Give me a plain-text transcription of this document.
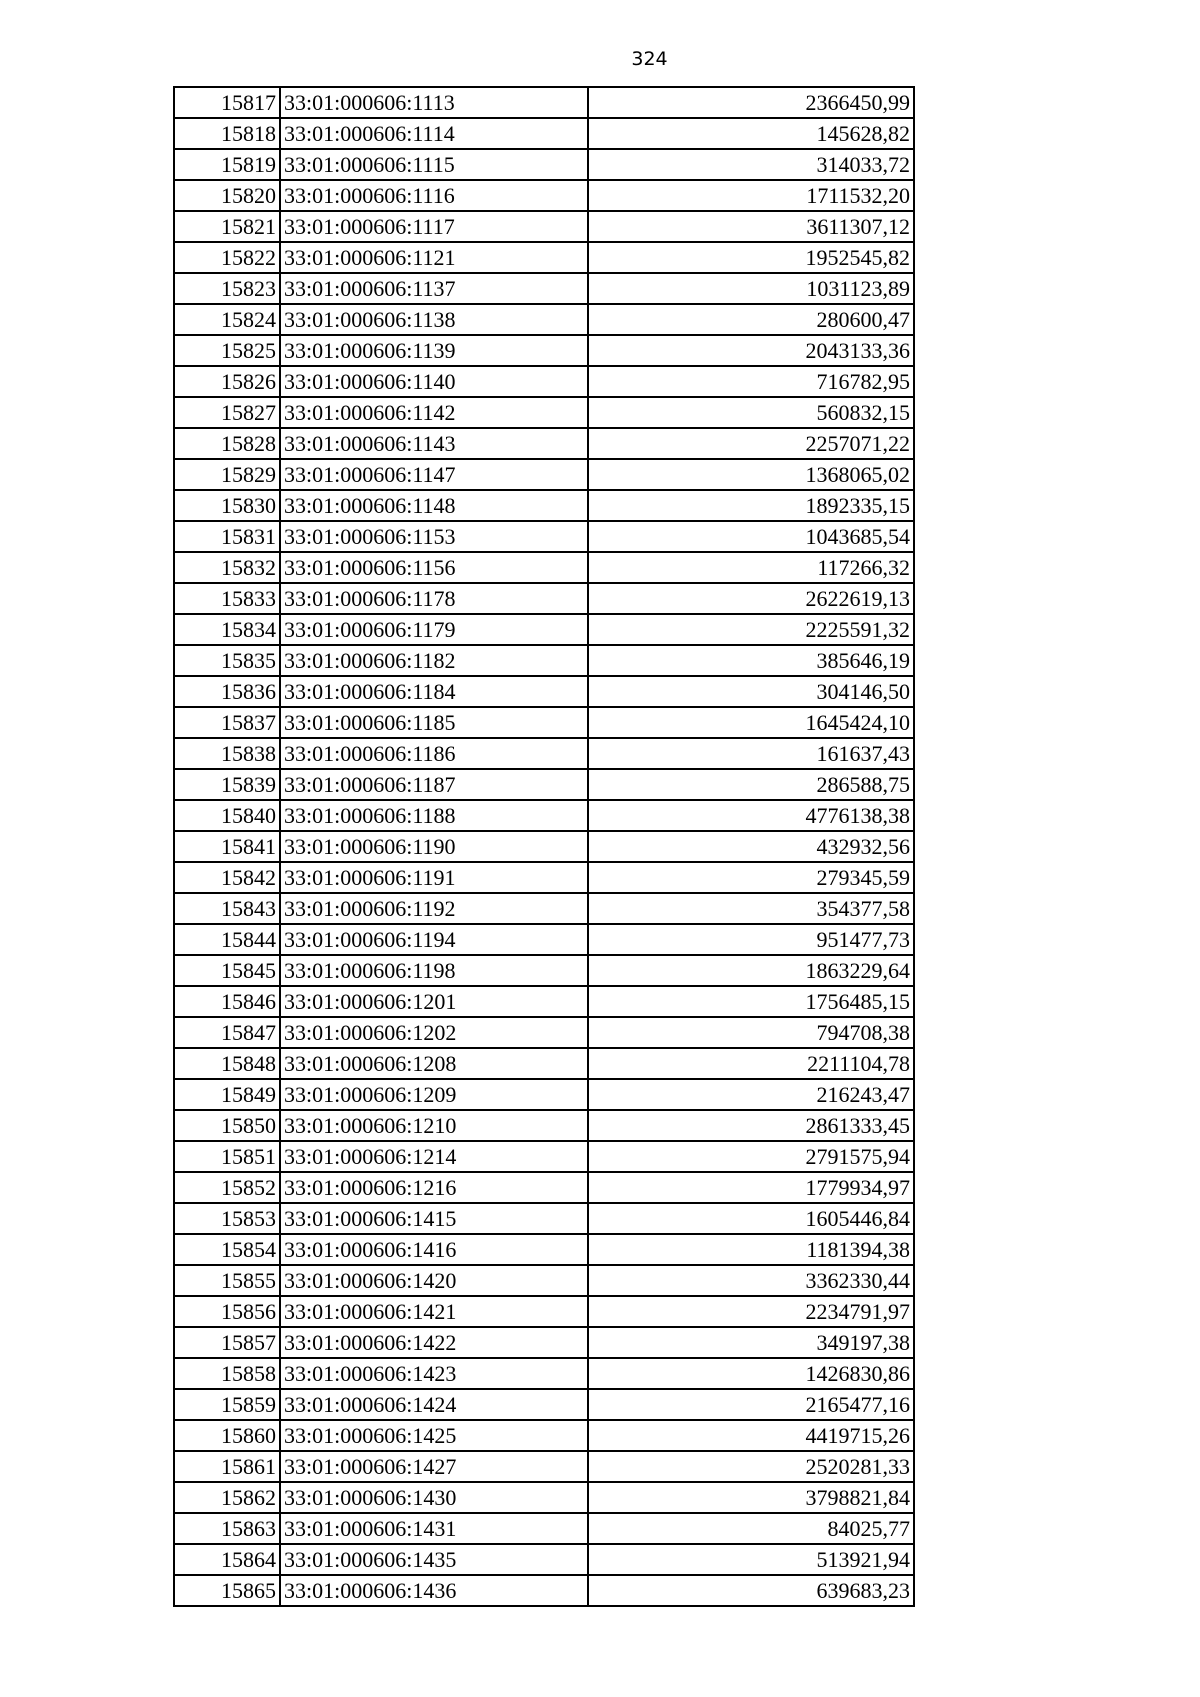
324
15817	33:01:000606:1113	2366450,99
15818	33:01:000606:1114	145628,82
15819	33:01:000606:1115	314033,72
15820	33:01:000606:1116	1711532,20
15821	33:01:000606:1117	3611307,12
15822	33:01:000606:1121	1952545,82
15823	33:01:000606:1137	1031123,89
15824	33:01:000606:1138	280600,47
15825	33:01:000606:1139	2043133,36
15826	33:01:000606:1140	716782,95
15827	33:01:000606:1142	560832,15
15828	33:01:000606:1143	2257071,22
15829	33:01:000606:1147	1368065,02
15830	33:01:000606:1148	1892335,15
15831	33:01:000606:1153	1043685,54
15832	33:01:000606:1156	117266,32
15833	33:01:000606:1178	2622619,13
15834	33:01:000606:1179	2225591,32
15835	33:01:000606:1182	385646,19
15836	33:01:000606:1184	304146,50
15837	33:01:000606:1185	1645424,10
15838	33:01:000606:1186	161637,43
15839	33:01:000606:1187	286588,75
15840	33:01:000606:1188	4776138,38
15841	33:01:000606:1190	432932,56
15842	33:01:000606:1191	279345,59
15843	33:01:000606:1192	354377,58
15844	33:01:000606:1194	951477,73
15845	33:01:000606:1198	1863229,64
15846	33:01:000606:1201	1756485,15
15847	33:01:000606:1202	794708,38
15848	33:01:000606:1208	2211104,78
15849	33:01:000606:1209	216243,47
15850	33:01:000606:1210	2861333,45
15851	33:01:000606:1214	2791575,94
15852	33:01:000606:1216	1779934,97
15853	33:01:000606:1415	1605446,84
15854	33:01:000606:1416	1181394,38
15855	33:01:000606:1420	3362330,44
15856	33:01:000606:1421	2234791,97
15857	33:01:000606:1422	349197,38
15858	33:01:000606:1423	1426830,86
15859	33:01:000606:1424	2165477,16
15860	33:01:000606:1425	4419715,26
15861	33:01:000606:1427	2520281,33
15862	33:01:000606:1430	3798821,84
15863	33:01:000606:1431	84025,77
15864	33:01:000606:1435	513921,94
15865	33:01:000606:1436	639683,23
